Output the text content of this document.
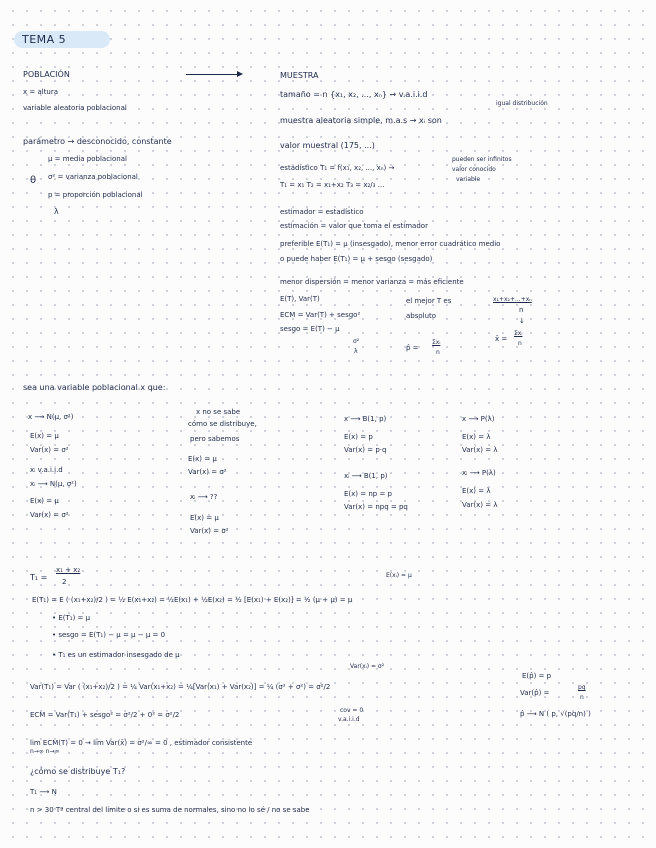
TEMA 5
POBLACIÓN
x = altura
variable aleatoria poblacional
parámetro → desconocido, constante
μ = media poblacional
θ σ² = varianza poblacional
p = proporción poblacional
λ
MUESTRA
tamaño = n {x₁, x₂, ..., xₙ} → v.a.i.i.d
igual distribución
muestra aleatoria simple, m.a.s → xᵢ son
valor muestral (175, ...)
estadístico T₁ = f(x₁, x₂, ..., xₙ) →
pueden ser infinitos
valor conocido
variable
T₁ = x₁ T₂ = x₁+x₂ T₃ = x₂/₃ ...
estimador = estadístico
estimación = valor que toma el estimador
preferible E(T₁) = μ (insesgado), menor error cuadrático medio
o puede haber E(T₁) = μ + sesgo (sesgado)
menor dispersión = menor varianza = más eficiente
E(T), Var(T)	el mejor T es	x₁+x₂+...+xₙ
n
ECM = Var(T) + sesgo²	absoluto
sesgo = E(T) − μ
σ²
λ
↓
p̂ =
Σxᵢ
n
x̄ =
Σxᵢ
n
sea una variable poblacional x que:
x ⟶ N(μ, σ²)
E(x) = μ
Var(x) = σ²
xᵢ v.a.i.i.d
xᵢ ⟶ N(μ, σ²)
E(x) = μ
Var(x) = σ²
x no se sabe
cómo se distribuye,
pero sabemos
E(x) = μ
Var(x) = σ²
xᵢ ⟶ ??
E(x) = μ
Var(x) = σ²
x ⟶ B(1, p)
E(x) = p
Var(x) = p·q
xᵢ ⟶ B(1, p)
E(x) = np = p
Var(x) = npq = pq
x ⟶ P(λ)
E(x) = λ
Var(x) = λ
xᵢ ⟶ P(λ)
E(x) = λ
Var(x) = λ
T₁ =
x₁ + x₂
2
E(xᵢ) = μ
E(T₁) = E ( (x₁+x₂)/2 ) = ½ E(x₁+x₂) = ½E(x₁) + ½E(x₂) = ½ [E(x₁) + E(x₂)] = ½ (μ + μ) = μ
• E(T₁) = μ
• sesgo = E(T₁) − μ = μ − μ = 0
• T₁ es un estimador insesgado de μ
Var(xᵢ) = σ²
Var(T₁) = Var ( (x₁+x₂)/2 ) = ¼ Var(x₁+x₂) = ¼[Var(x₁) + Var(x₂)] = ¼ (σ² + σ²) = σ²/2
cov = 0
v.a.i.i.d
ECM = Var(T₁) + sesgo² = σ²/2 + 0² = σ²/2
lim ECM(T) = 0 → lim Var(x̄) = σ²/∞ = 0 , estimador consistente
n→∞ n→∞
¿cómo se distribuye T₁?
T₁ ⟶ N
n > 30 Tª central del límite o si es suma de normales, sino no lo sé / no se sabe
E(p̂) = p
Var(p̂) =
pq
n
p̂ ⟶ N ( p, √(pq/n) )
